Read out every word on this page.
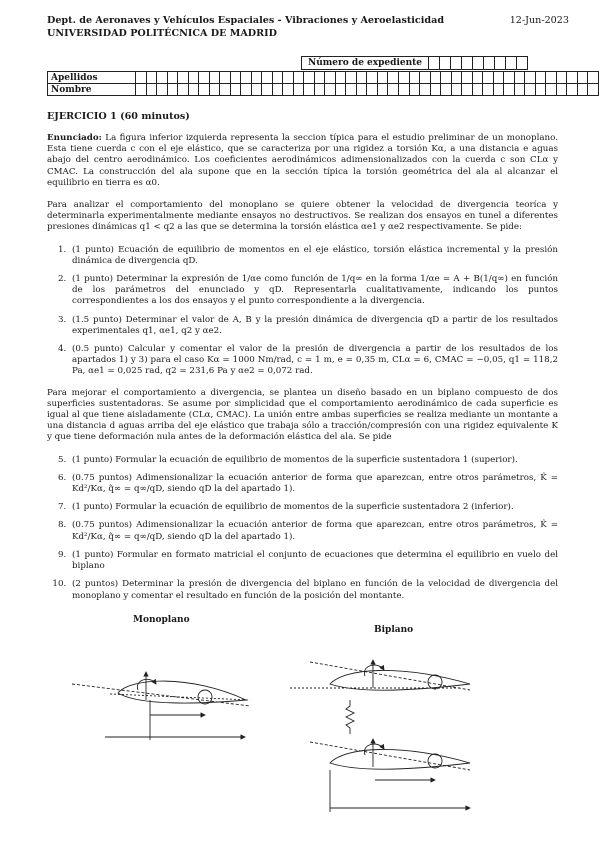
Dept. de Aeronaves y Vehículos Espaciales - Vibraciones y Aeroelasticidad	12-Jun-2023
UNIVERSIDAD POLITÉCNICA DE MADRID
Número de expediente									
Apellidos																																												
Nombre																																												
EJERCICIO 1 (60 minutos)

Enunciado: La figura inferior izquierda representa la seccion típica para el estudio preliminar de un monoplano. Esta tiene cuerda c con el eje elástico, que se caracteriza por una rigidez a torsión Kα, a una distancia e aguas abajo del centro aerodinámico. Los coeficientes aerodinámicos adimensionalizados con la cuerda c son CLα y CMAC. La construcción del ala supone que en la sección típica la torsión geométrica del ala al alcanzar el equilibrio en tierra es α0.

Para analizar el comportamiento del monoplano se quiere obtener la velocidad de divergencia teoríca y determinarla experimentalmente mediante ensayos no destructivos. Se realizan dos ensayos en tunel a diferentes presiones dinámicas q1 < q2 a las que se determina la torsión elástica αe1 y αe2 respectivamente. Se pide:

1. (1 punto) Ecuación de equilibrio de momentos en el eje elástico, torsión elástica incremental y la presión dinámica de divergencia qD.
2. (1 punto) Determinar la expresión de 1/αe como función de 1/q∞ en la forma 1/αe = A + B(1/q∞) en función de los parámetros del enunciado y qD. Representarla cualitativamente, indicando los puntos correspondientes a los dos ensayos y el punto correspondiente a la divergencia.
3. (1.5 punto) Determinar el valor de A, B y la presión dinámica de divergencia qD a partir de los resultados experimentales q1, αe1, q2 y αe2.
4. (0.5 punto) Calcular y comentar el valor de la presión de divergencia a partir de los resultados de los apartados 1) y 3) para el caso Kα = 1000 Nm/rad, c = 1 m, e = 0,35 m, CLα = 6, CMAC = −0,05, q1 = 118,2 Pa, αe1 = 0,025 rad, q2 = 231,6 Pa y αe2 = 0,072 rad.

Para mejorar el comportamiento a divergencia, se plantea un diseño basado en un biplano compuesto de dos superficies sustentadoras. Se asume por simplicidad que el comportamiento aerodinámico de cada superficie es igual al que tiene aisladamente (CLα, CMAC). La unión entre ambas superficies se realiza mediante un montante a una distancia d aguas arriba del eje elástico que trabaja sólo a tracción/compresión con una rigidez equivalente K y que tiene deformación nula antes de la deformación elástica del ala. Se pide

5. (1 punto) Formular la ecuación de equilibrio de momentos de la superficie sustentadora 1 (superior).
6. (0.75 puntos) Adimensionalizar la ecuación anterior de forma que aparezcan, entre otros parámetros, K̂ = Kd²/Kα, q̂∞ = q∞/qD, siendo qD la del apartado 1).
7. (1 punto) Formular la ecuación de equilibrio de momentos de la superficie sustentadora 2 (inferior).
8. (0.75 puntos) Adimensionalizar la ecuación anterior de forma que aparezcan, entre otros parámetros, K̂ = Kd²/Kα, q̂∞ = q∞/qD, siendo qD la del apartado 1).
9. (1 punto) Formular en formato matricial el conjunto de ecuaciones que determina el equilibrio en vuelo del biplano
10. (2 puntos) Determinar la presión de divergencia del biplano en función de la velocidad de divergencia del monoplano y comentar el resultado en función de la posición del montante.
Monoplano
Biplano
